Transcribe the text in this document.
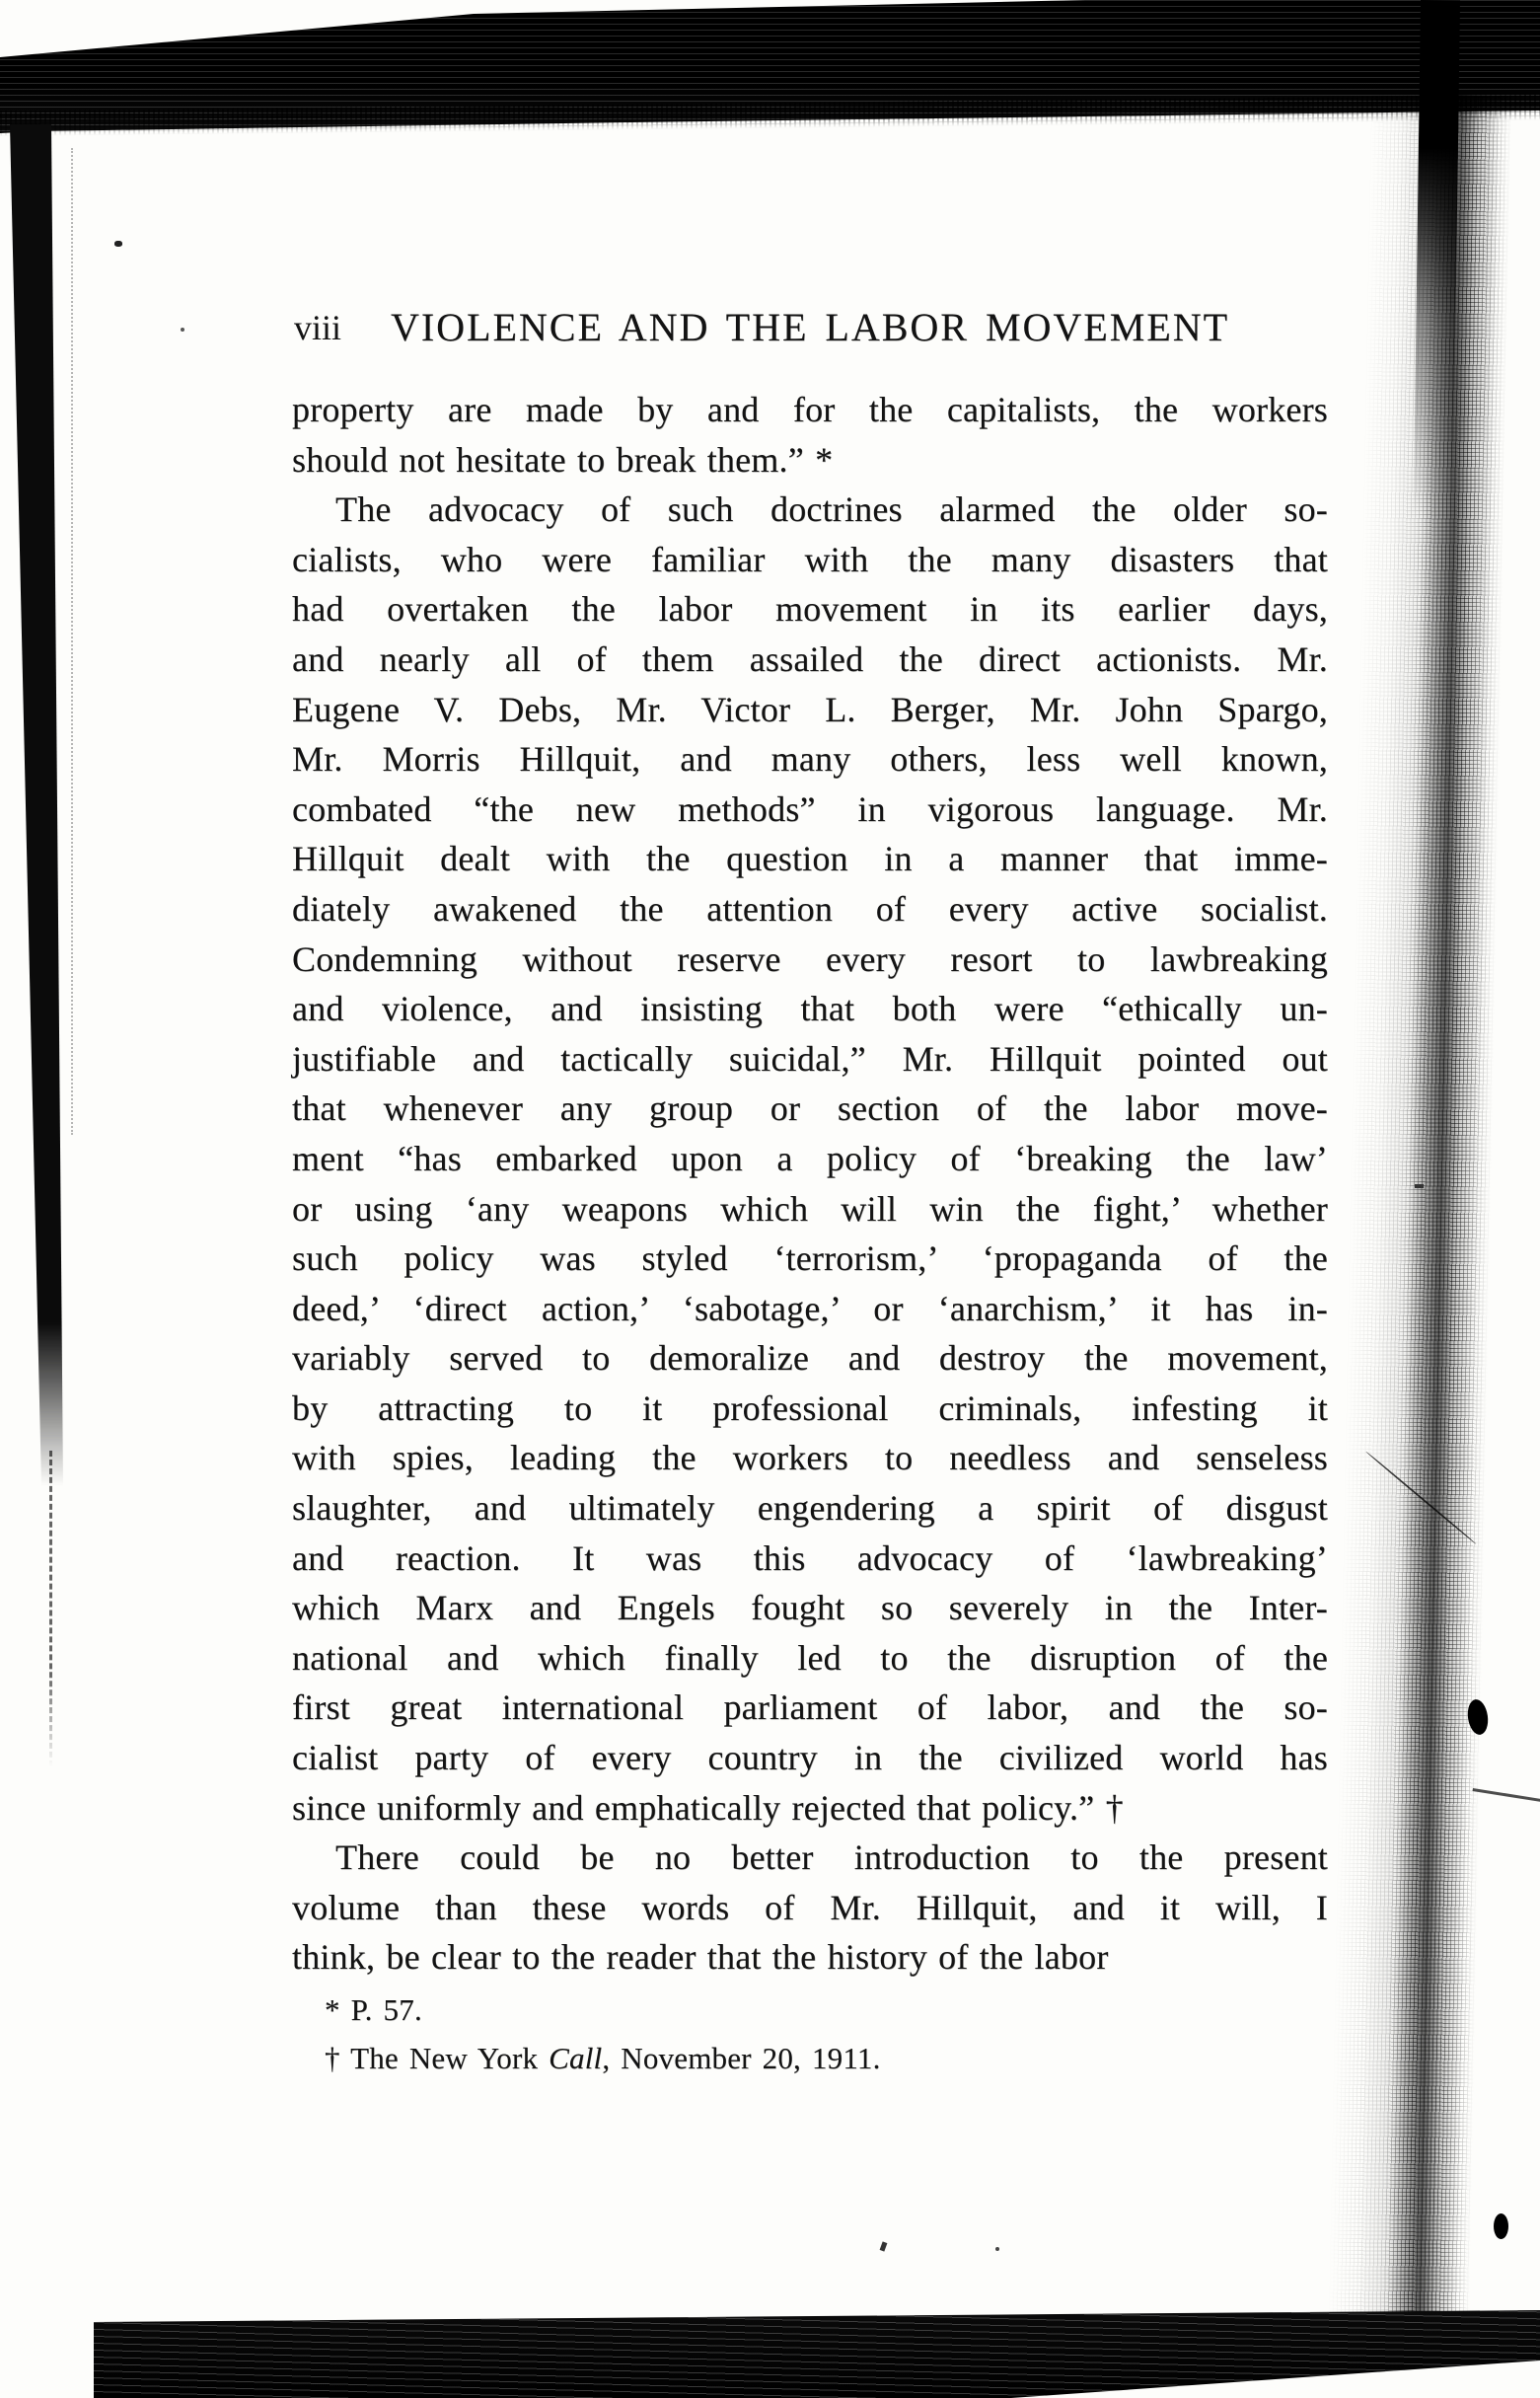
viii	VIOLENCE AND THE LABOR MOVEMENT
property are made by and for the capitalists, the workers
should not hesitate to break them.” *
The advocacy of such doctrines alarmed the older so-
cialists, who were familiar with the many disasters that
had overtaken the labor movement in its earlier days,
and nearly all of them assailed the direct actionists. Mr.
Eugene V. Debs, Mr. Victor L. Berger, Mr. John Spargo,
Mr. Morris Hillquit, and many others, less well known,
combated “the new methods” in vigorous language. Mr.
Hillquit dealt with the question in a manner that imme-
diately awakened the attention of every active socialist.
Condemning without reserve every resort to lawbreaking
and violence, and insisting that both were “ethically un-
justifiable and tactically suicidal,” Mr. Hillquit pointed out
that whenever any group or section of the labor move-
ment “has embarked upon a policy of ‘breaking the law’
or using ‘any weapons which will win the fight,’ whether
such policy was styled ‘terrorism,’ ‘propaganda of the
deed,’ ‘direct action,’ ‘sabotage,’ or ‘anarchism,’ it has in-
variably served to demoralize and destroy the movement,
by attracting to it professional criminals, infesting it
with spies, leading the workers to needless and senseless
slaughter, and ultimately engendering a spirit of disgust
and reaction. It was this advocacy of ‘lawbreaking’
which Marx and Engels fought so severely in the Inter-
national and which finally led to the disruption of the
first great international parliament of labor, and the so-
cialist party of every country in the civilized world has
since uniformly and emphatically rejected that policy.” †
There could be no better introduction to the present
volume than these words of Mr. Hillquit, and it will, I
think, be clear to the reader that the history of the labor
* P. 57.
† The New York Call, November 20, 1911.
